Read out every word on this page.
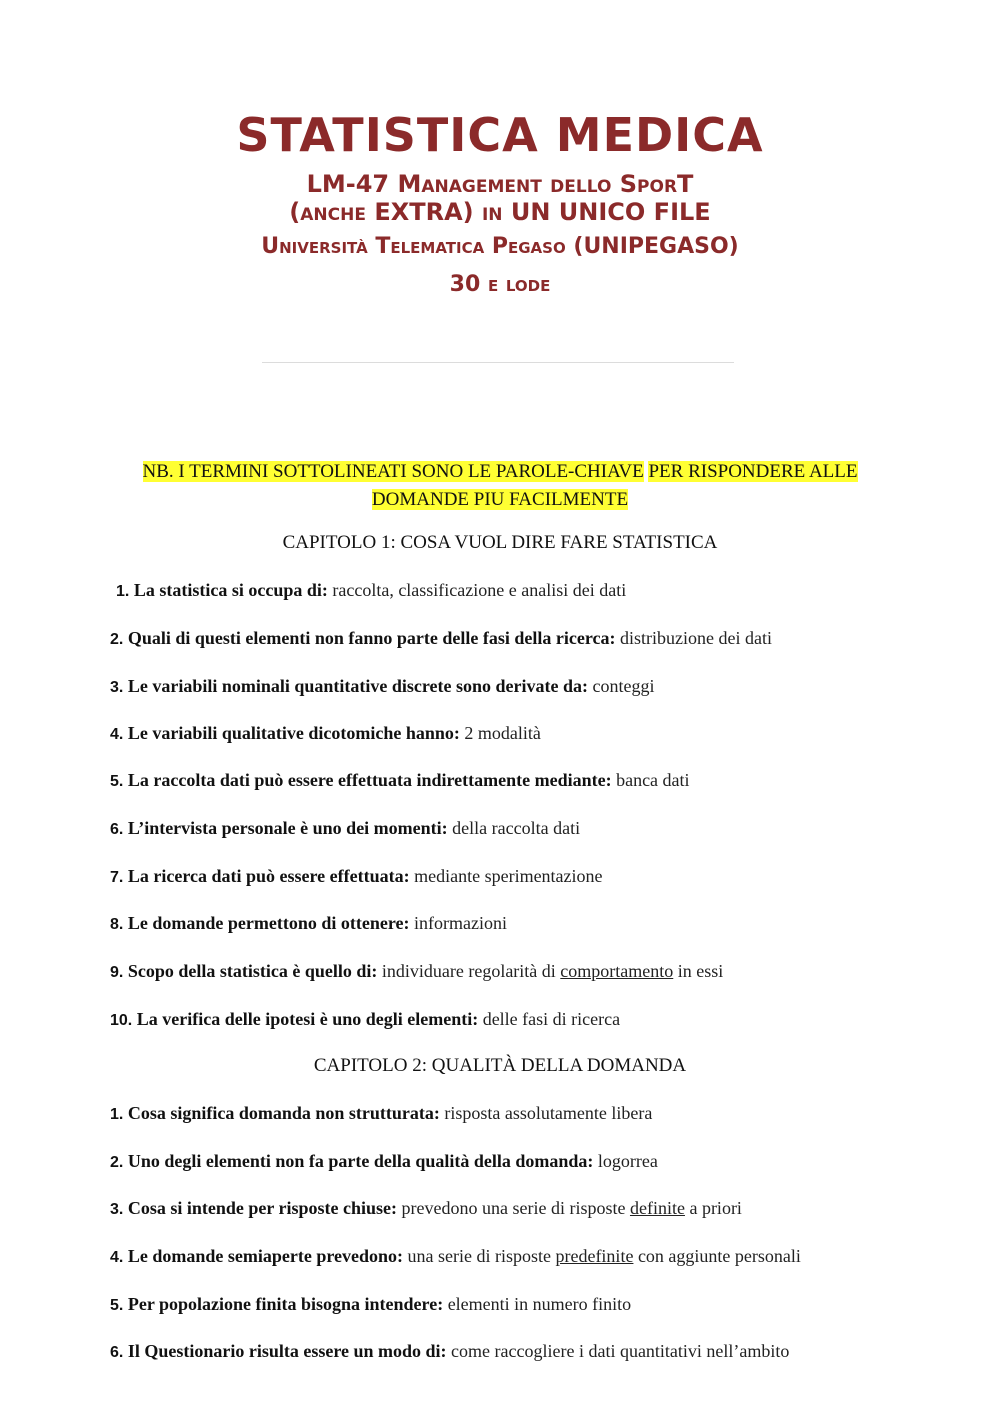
STATISTICA MEDICA
LM-47 Management dello SporT
(anche EXTRA) in UN UNICO FILE
Università Telematica Pegaso (UNIPEGASO)
30 e lode
NB. I TERMINI SOTTOLINEATI SONO LE PAROLE-CHIAVE PER RISPONDERE ALLE DOMANDE PIU FACILMENTE
CAPITOLO 1: COSA VUOL DIRE FARE STATISTICA
1. La statistica si occupa di: raccolta, classificazione e analisi dei dati
2. Quali di questi elementi non fanno parte delle fasi della ricerca: distribuzione dei dati
3. Le variabili nominali quantitative discrete sono derivate da: conteggi
4. Le variabili qualitative dicotomiche hanno: 2 modalità
5. La raccolta dati può essere effettuata indirettamente mediante: banca dati
6. L’intervista personale è uno dei momenti: della raccolta dati
7. La ricerca dati può essere effettuata: mediante sperimentazione
8. Le domande permettono di ottenere: informazioni
9. Scopo della statistica è quello di: individuare regolarità di comportamento in essi
10. La verifica delle ipotesi è uno degli elementi: delle fasi di ricerca
CAPITOLO 2: QUALITÀ DELLA DOMANDA
1. Cosa significa domanda non strutturata: risposta assolutamente libera
2. Uno degli elementi non fa parte della qualità della domanda: logorrea
3. Cosa si intende per risposte chiuse: prevedono una serie di risposte definite a priori
4. Le domande semiaperte prevedono: una serie di risposte predefinite con aggiunte personali
5. Per popolazione finita bisogna intendere: elementi in numero finito
6. Il Questionario risulta essere un modo di: come raccogliere i dati quantitativi nell’ambito
